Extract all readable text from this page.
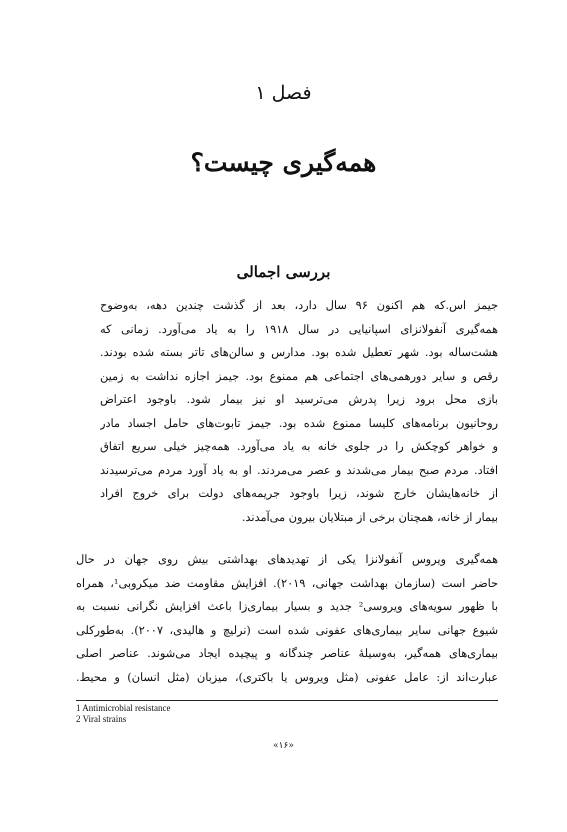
فصل ۱
همه‌گیری چیست؟
بررسی اجمالی
جیمز اس.که هم اکنون ۹۶ سال دارد، بعد از گذشت چندین دهه، به‌وضوح
همه‌گیری آنفولانزای اسپانیایی در سال ۱۹۱۸ را به یاد می‌آورد. زمانی که
هشت‌ساله بود. شهر تعطیل شده بود. مدارس و سالن‌های تاتر بسته شده بودند.
رقص و سایر دورهمی‌های اجتماعی هم ممنوع بود. جیمز اجازه نداشت به زمین
بازی محل برود زیرا پدرش می‌ترسید او نیز بیمار شود. باوجود اعتراض
روحانیون برنامه‌های کلیسا ممنوع شده بود. جیمز تابوت‌های حامل اجساد مادر
و خواهر کوچکش را در جلوی خانه به یاد می‌آورد. همه‌چیز خیلی سریع اتفاق
افتاد. مردم صبح بیمار می‌شدند و عصر می‌مردند. او به یاد آورد مردم می‌ترسیدند
از خانه‌هایشان خارج شوند، زیرا باوجود جریمه‌های دولت برای خروج افراد
بیمار از خانه، همچنان برخی از مبتلایان بیرون می‌آمدند.
همه‌گیری ویروس آنفولانزا یکی از تهدیدهای بهداشتی بیش روی جهان در حال
حاضر است (سازمان بهداشت جهانی، ۲۰۱۹). افزایش مقاومت ضد میکروبی¹، همراه
با ظهور سویه‌های ویروسی² جدید و بسیار بیماری‌زا باعث افزایش نگرانی نسبت به
شیوع جهانی سایر بیماری‌های عفونی شده است (نرلیچ و هالیدی، ۲۰۰۷). به‌طورکلی
بیماری‌های همه‌گیر، به‌وسیلهٔ عناصر چندگانه و پیچیده ایجاد می‌شوند. عناصر اصلی
عبارت‌اند از: عامل عفونی (مثل ویروس یا باکتری)، میزبان (مثل انسان) و محیط.
1 Antimicrobial resistance
2 Viral strains
«۱۶»
